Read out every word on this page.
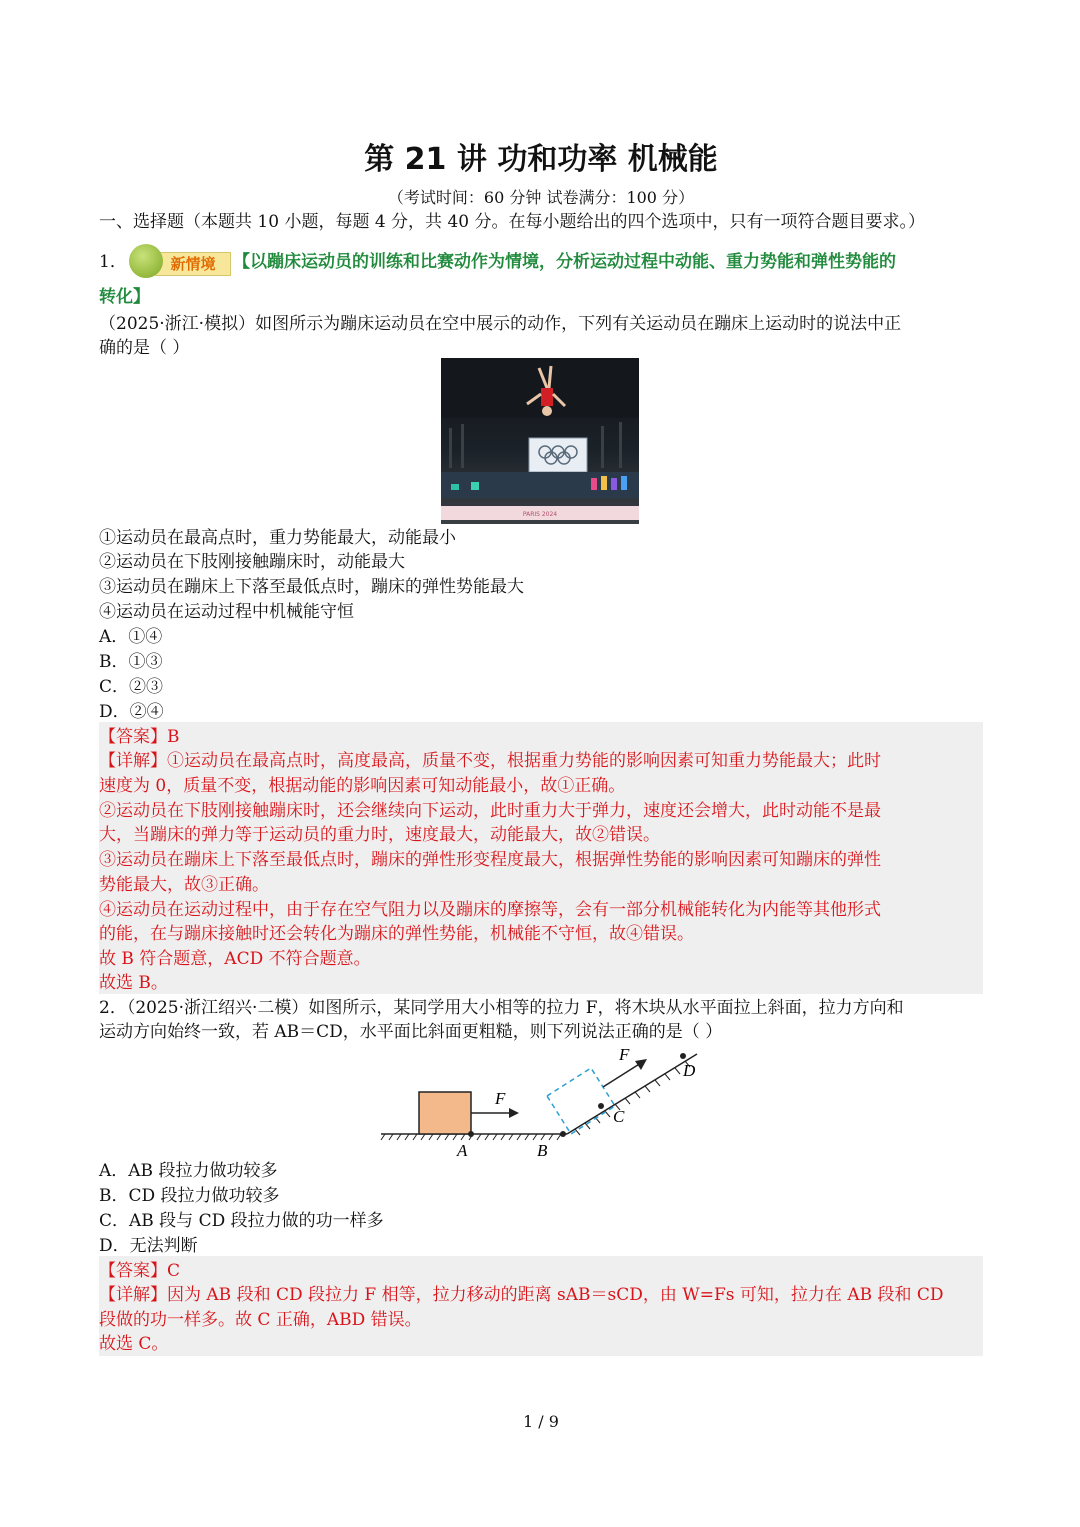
第 21 讲 功和功率 机械能
（考试时间：60 分钟 试卷满分：100 分）
一、选择题（本题共 10 小题，每题 4 分，共 40 分。在每小题给出的四个选项中，只有一项符合题目要求。）
1．	新情境	【以蹦床运动员的训练和比赛动作为情境，分析运动过程中动能、重力势能和弹性势能的
转化】
（2025·浙江·模拟）如图所示为蹦床运动员在空中展示的动作，下列有关运动员在蹦床上运动时的说法中正
确的是（ ）
PARIS 2024
①运动员在最高点时，重力势能最大，动能最小
②运动员在下肢刚接触蹦床时，动能最大
③运动员在蹦床上下落至最低点时，蹦床的弹性势能最大
④运动员在运动过程中机械能守恒
A．①④
B．①③
C．②③
D．②④
【答案】B
【详解】①运动员在最高点时，高度最高，质量不变，根据重力势能的影响因素可知重力势能最大；此时
速度为 0，质量不变，根据动能的影响因素可知动能最小，故①正确。
②运动员在下肢刚接触蹦床时，还会继续向下运动，此时重力大于弹力，速度还会增大，此时动能不是最
大，当蹦床的弹力等于运动员的重力时，速度最大，动能最大，故②错误。
③运动员在蹦床上下落至最低点时，蹦床的弹性形变程度最大，根据弹性势能的影响因素可知蹦床的弹性
势能最大，故③正确。
④运动员在运动过程中，由于存在空气阻力以及蹦床的摩擦等，会有一部分机械能转化为内能等其他形式
的能，在与蹦床接触时还会转化为蹦床的弹性势能，机械能不守恒，故④错误。
故 B 符合题意，ACD 不符合题意。
故选 B。
2．（2025·浙江绍兴·二模）如图所示，某同学用大小相等的拉力 F，将木块从水平面拉上斜面，拉力方向和
运动方向始终一致，若 AB＝CD，水平面比斜面更粗糙，则下列说法正确的是（ ）
F
F
A	B
C
D
A．AB 段拉力做功较多
B．CD 段拉力做功较多
C．AB 段与 CD 段拉力做的功一样多
D．无法判断
【答案】C
【详解】因为 AB 段和 CD 段拉力 F 相等，拉力移动的距离 sAB＝sCD，由 W=Fs 可知，拉力在 AB 段和 CD
段做的功一样多。故 C 正确，ABD 错误。
故选 C。
1 / 9
